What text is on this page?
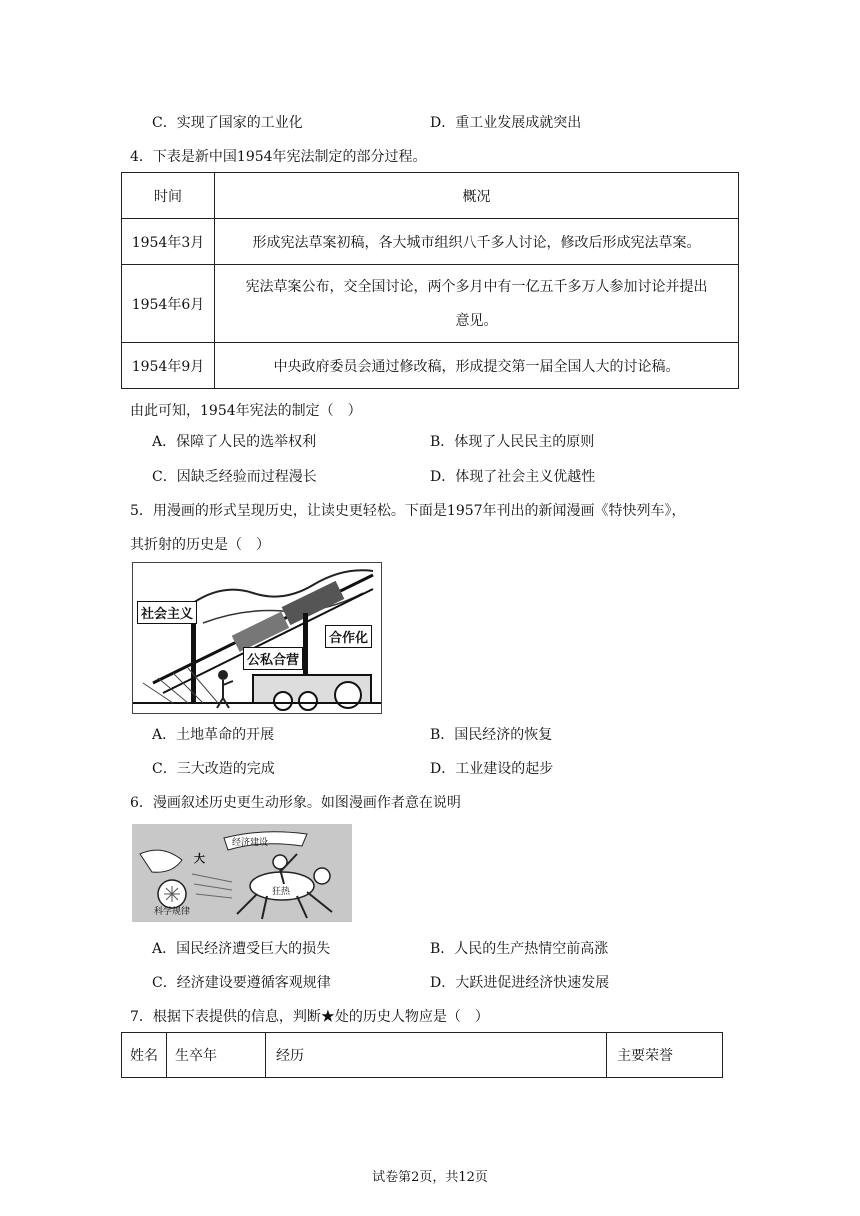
C．实现了国家的工业化	D．重工业发展成就突出
4．下表是新中国1954年宪法制定的部分过程。
时间	概况
1954年3月	形成宪法草案初稿，各大城市组织八千多人讨论，修改后形成宪法草案。
1954年6月	宪法草案公布，交全国讨论，两个多月中有一亿五千多万人参加讨论并提出
意见。

1954年9月	中央政府委员会通过修改稿，形成提交第一届全国人大的讨论稿。
由此可知，1954年宪法的制定（　）
A．保障了人民的选举权利	B．体现了人民民主的原则
C．因缺乏经验而过程漫长	D．体现了社会主义优越性
5．用漫画的形式呈现历史，让读史更轻松。下面是1957年刊出的新闻漫画《特快列车》，
其折射的历史是（　）
社会主义
合作化
公私合营
A．土地革命的开展	B．国民经济的恢复
C．三大改造的完成	D．工业建设的起步
6．漫画叙述历史更生动形象。如图漫画作者意在说明
经济建设
大
科学规律
狂热
A．国民经济遭受巨大的损失	B．人民的生产热情空前高涨
C．经济建设要遵循客观规律	D．大跃进促进经济快速发展
7．根据下表提供的信息，判断★处的历史人物应是（　）
姓名	生卒年	经历	主要荣誉
试卷第2页，共12页
